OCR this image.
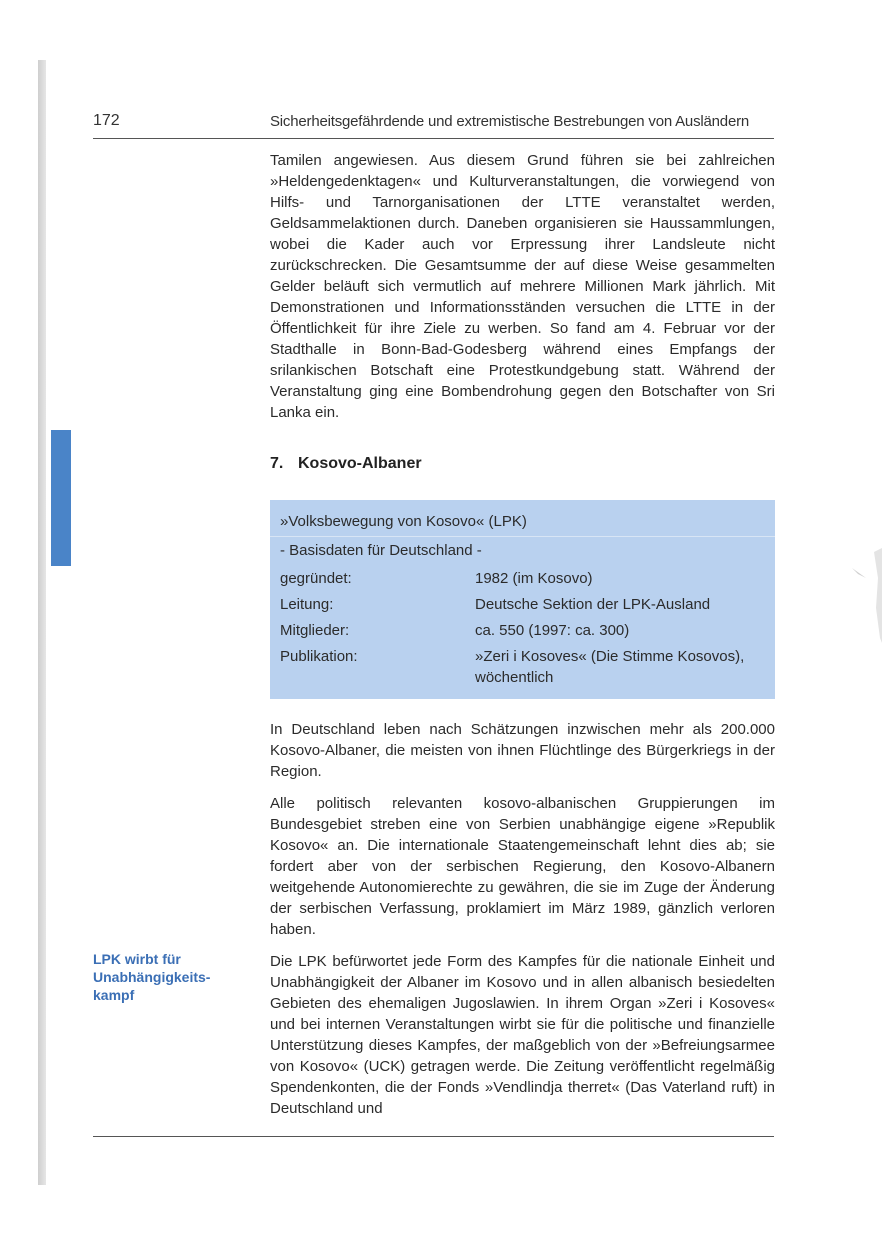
172	Sicherheitsgefährdende und extremistische Bestrebungen von Ausländern

Tamilen angewiesen. Aus diesem Grund führen sie bei zahlreichen »Heldengedenktagen« und Kulturveranstaltungen, die vorwiegend von Hilfs- und Tarnorganisationen der LTTE veranstaltet werden, Geldsammelaktionen durch. Daneben organisieren sie Haussammlungen, wobei die Kader auch vor Erpressung ihrer Landsleute nicht zurückschrecken. Die Gesamtsumme der auf diese Weise gesammelten Gelder beläuft sich vermutlich auf mehrere Millionen Mark jährlich. Mit Demonstrationen und Informationsständen versuchen die LTTE in der Öffentlichkeit für ihre Ziele zu werben. So fand am 4. Februar vor der Stadthalle in Bonn-Bad-Godesberg während eines Empfangs der srilankischen Botschaft eine Protestkundgebung statt. Während der Veranstaltung ging eine Bombendrohung gegen den Botschafter von Sri Lanka ein.

7. Kosovo-Albaner
»Volksbewegung von Kosovo« (LPK)
- Basisdaten für Deutschland -
gegründet:	1982 (im Kosovo)
Leitung:	Deutsche Sektion der LPK-Ausland
Mitglieder:	ca. 550 (1997: ca. 300)
Publikation:	»Zeri i Kosoves« (Die Stimme Kosovos), wöchentlich

In Deutschland leben nach Schätzungen inzwischen mehr als 200.000 Kosovo-Albaner, die meisten von ihnen Flüchtlinge des Bürgerkriegs in der Region.

Alle politisch relevanten kosovo-albanischen Gruppierungen im Bundesgebiet streben eine von Serbien unabhängige eigene »Republik Kosovo« an. Die internationale Staatengemeinschaft lehnt dies ab; sie fordert aber von der serbischen Regierung, den Kosovo-Albanern weitgehende Autonomierechte zu gewähren, die sie im Zuge der Änderung der serbischen Verfassung, proklamiert im März 1989, gänzlich verloren haben.

LPK wirbt für
Unabhängigkeits-
kampf

Die LPK befürwortet jede Form des Kampfes für die nationale Einheit und Unabhängigkeit der Albaner im Kosovo und in allen albanisch besiedelten Gebieten des ehemaligen Jugoslawien. In ihrem Organ »Zeri i Kosoves« und bei internen Veranstaltungen wirbt sie für die politische und finanzielle Unterstützung dieses Kampfes, der maßgeblich von der »Befreiungsarmee von Kosovo« (UCK) getragen werde. Die Zeitung veröffentlicht regelmäßig Spendenkonten, die der Fonds »Vendlindja therret« (Das Vaterland ruft) in Deutschland und
